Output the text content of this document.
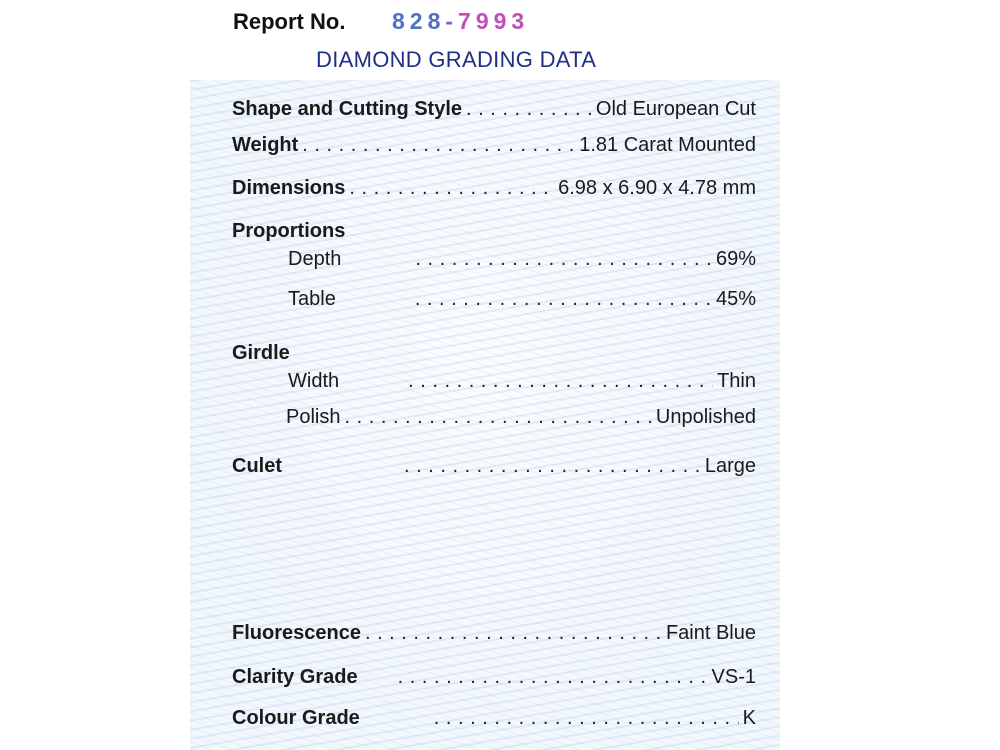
Report No. 828-7993
DIAMOND GRADING DATA
Shape and Cutting Style . . .	Old European Cut
Weight . . .	1.81 Carat Mounted
Dimensions . . .	6.98 x 6.90 x 4.78 mm
Proportions
Depth . . .	69%
Table . . .	45%
Girdle
Width . . .	Thin
Polish . . .	Unpolished
Culet . . .	Large
Fluorescence . . .	Faint Blue
Clarity Grade . . .	VS-1
Colour Grade . . .	K
